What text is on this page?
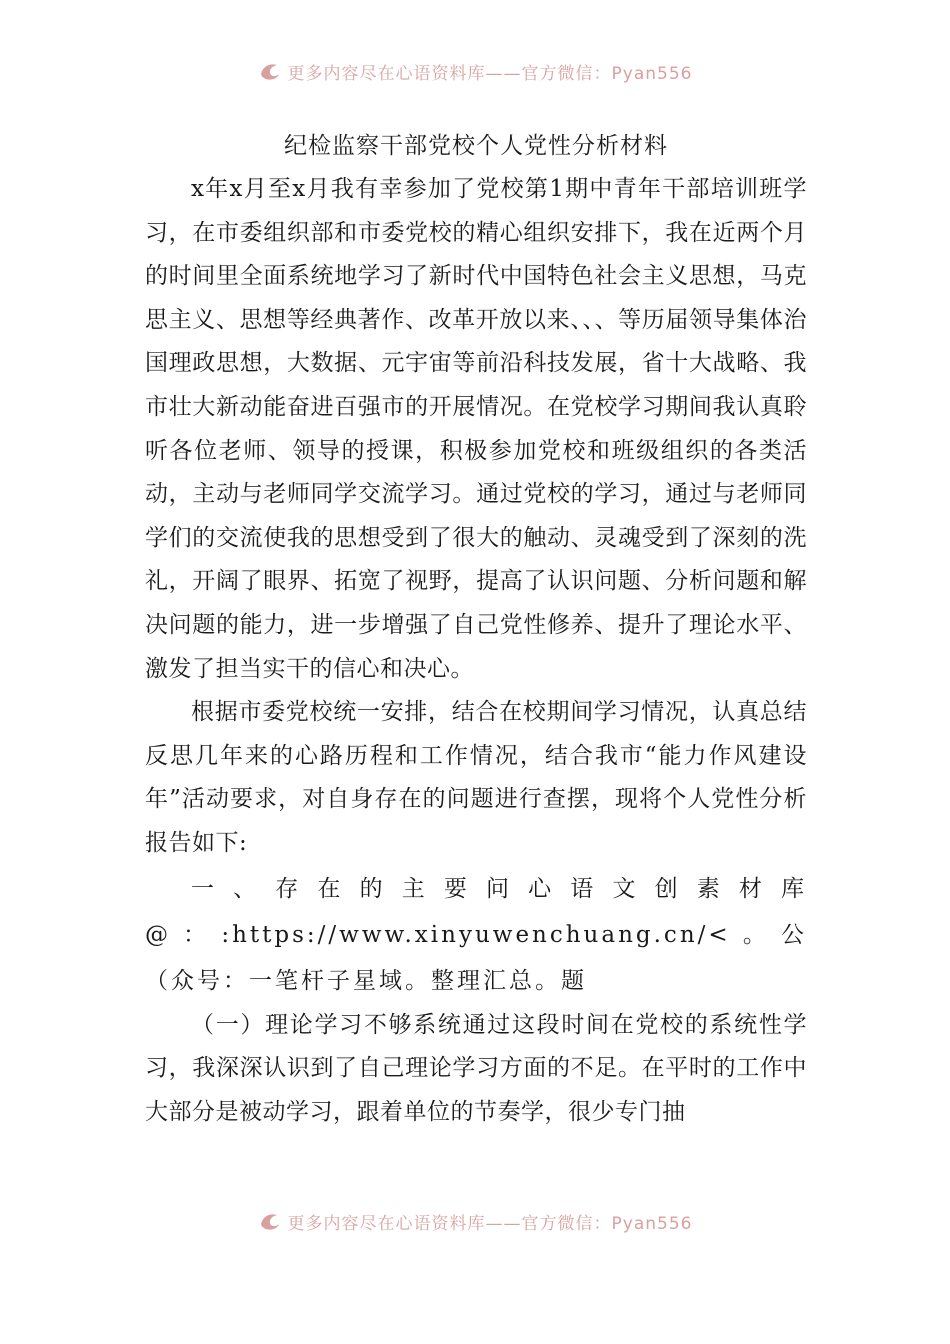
更多内容尽在心语资料库——官方微信：Pyan556
纪检监察干部党校个人党性分析材料

x年x月至x月我有幸参加了党校第1期中青年干部培训班学习，在市委组织部和市委党校的精心组织安排下，我在近两个月的时间里全面系统地学习了新时代中国特色社会主义思想，马克思主义、思想等经典著作、改革开放以来、、、等历届领导集体治国理政思想，大数据、元宇宙等前沿科技发展，省十大战略、我市壮大新动能奋进百强市的开展情况。在党校学习期间我认真聆听各位老师、领导的授课，积极参加党校和班级组织的各类活动，主动与老师同学交流学习。通过党校的学习，通过与老师同学们的交流使我的思想受到了很大的触动、灵魂受到了深刻的洗礼，开阔了眼界、拓宽了视野，提高了认识问题、分析问题和解决问题的能力，进一步增强了自己党性修养、提升了理论水平、激发了担当实干的信心和决心。

根据市委党校统一安排，结合在校期间学习情况，认真总结反思几年来的心路历程和工作情况，结合我市“能力作风建设年”活动要求，对自身存在的问题进行查摆，现将个人党性分析报告如下:

一、存在的主要问心语文创素材库@：:https://www.xinyuwenchuang.cn/<。公（众号：一笔杆子星域。整理汇总。题

（一）理论学习不够系统通过这段时间在党校的系统性学习，我深深认识到了自己理论学习方面的不足。在平时的工作中大部分是被动学习，跟着单位的节奏学，很少专门抽

更多内容尽在心语资料库——官方微信：Pyan556
